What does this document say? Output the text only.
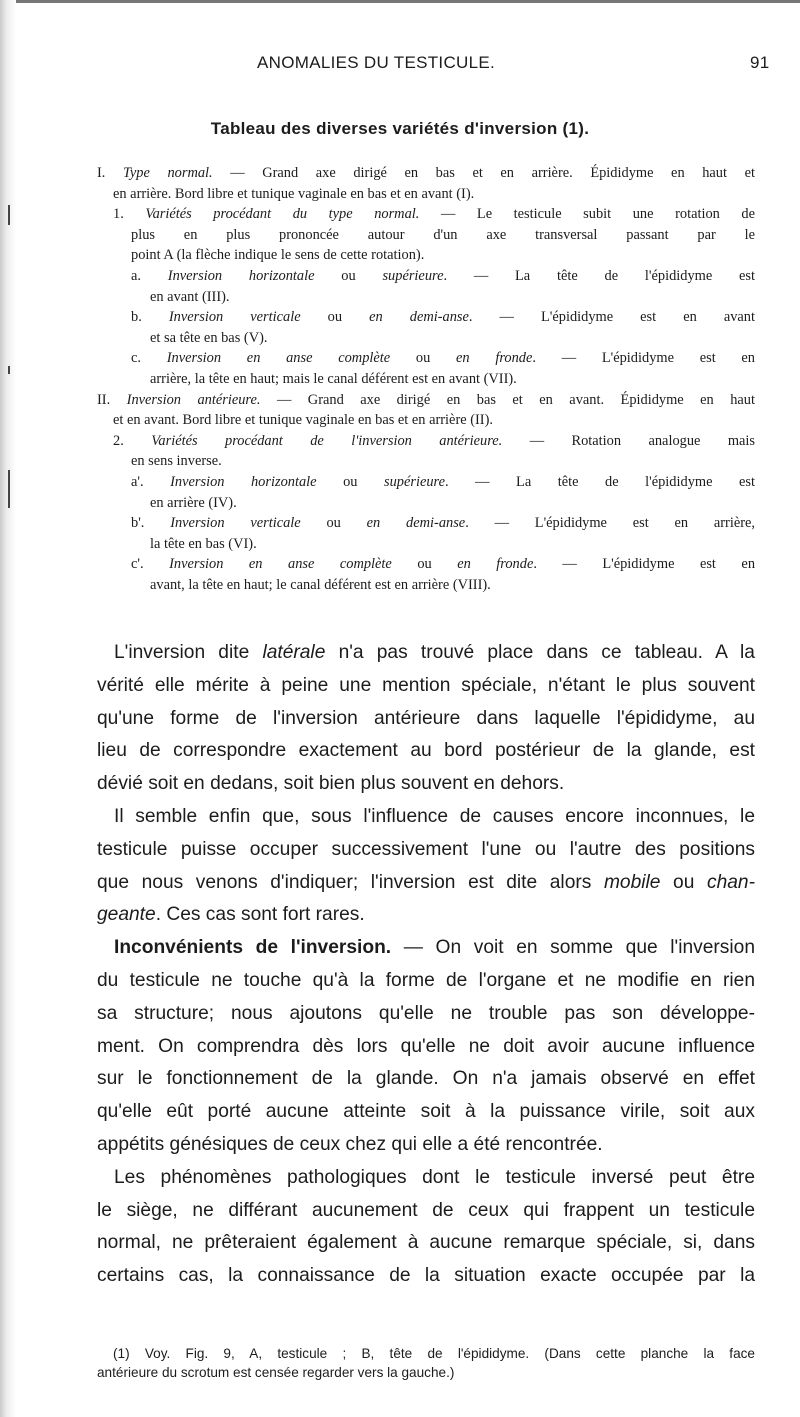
ANOMALIES DU TESTICULE.	91
Tableau des diverses variétés d'inversion (1).
I. Type normal. — Grand axe dirigé en bas et en arrière. Épididyme en haut et
en arrière. Bord libre et tunique vaginale en bas et en avant (I).
1. Variétés procédant du type normal. — Le testicule subit une rotation de
plus en plus prononcée autour d'un axe transversal passant par le
point A (la flèche indique le sens de cette rotation).
a. Inversion horizontale ou supérieure. — La tête de l'épididyme est
en avant (III).
b. Inversion verticale ou en demi-anse. — L'épididyme est en avant
et sa tête en bas (V).
c. Inversion en anse complète ou en fronde. — L'épididyme est en
arrière, la tête en haut; mais le canal déférent est en avant (VII).
II. Inversion antérieure. — Grand axe dirigé en bas et en avant. Épididyme en haut
et en avant. Bord libre et tunique vaginale en bas et en arrière (II).
2. Variétés procédant de l'inversion antérieure. — Rotation analogue mais
en sens inverse.
a'. Inversion horizontale ou supérieure. — La tête de l'épididyme est
en arrière (IV).
b'. Inversion verticale ou en demi-anse. — L'épididyme est en arrière,
la tête en bas (VI).
c'. Inversion en anse complète ou en fronde. — L'épididyme est en
avant, la tête en haut; le canal déférent est en arrière (VIII).
L'inversion dite latérale n'a pas trouvé place dans ce tableau. A la
vérité elle mérite à peine une mention spéciale, n'étant le plus souvent
qu'une forme de l'inversion antérieure dans laquelle l'épididyme, au
lieu de correspondre exactement au bord postérieur de la glande, est
dévié soit en dedans, soit bien plus souvent en dehors.
Il semble enfin que, sous l'influence de causes encore inconnues, le
testicule puisse occuper successivement l'une ou l'autre des positions
que nous venons d'indiquer; l'inversion est dite alors mobile ou chan-
geante. Ces cas sont fort rares.
Inconvénients de l'inversion. — On voit en somme que l'inversion
du testicule ne touche qu'à la forme de l'organe et ne modifie en rien
sa structure; nous ajoutons qu'elle ne trouble pas son développe-
ment. On comprendra dès lors qu'elle ne doit avoir aucune influence
sur le fonctionnement de la glande. On n'a jamais observé en effet
qu'elle eût porté aucune atteinte soit à la puissance virile, soit aux
appétits génésiques de ceux chez qui elle a été rencontrée.
Les phénomènes pathologiques dont le testicule inversé peut être
le siège, ne différant aucunement de ceux qui frappent un testicule
normal, ne prêteraient également à aucune remarque spéciale, si, dans
certains cas, la connaissance de la situation exacte occupée par la
(1) Voy. Fig. 9, A, testicule ; B, tête de l'épididyme. (Dans cette planche la face
antérieure du scrotum est censée regarder vers la gauche.)
